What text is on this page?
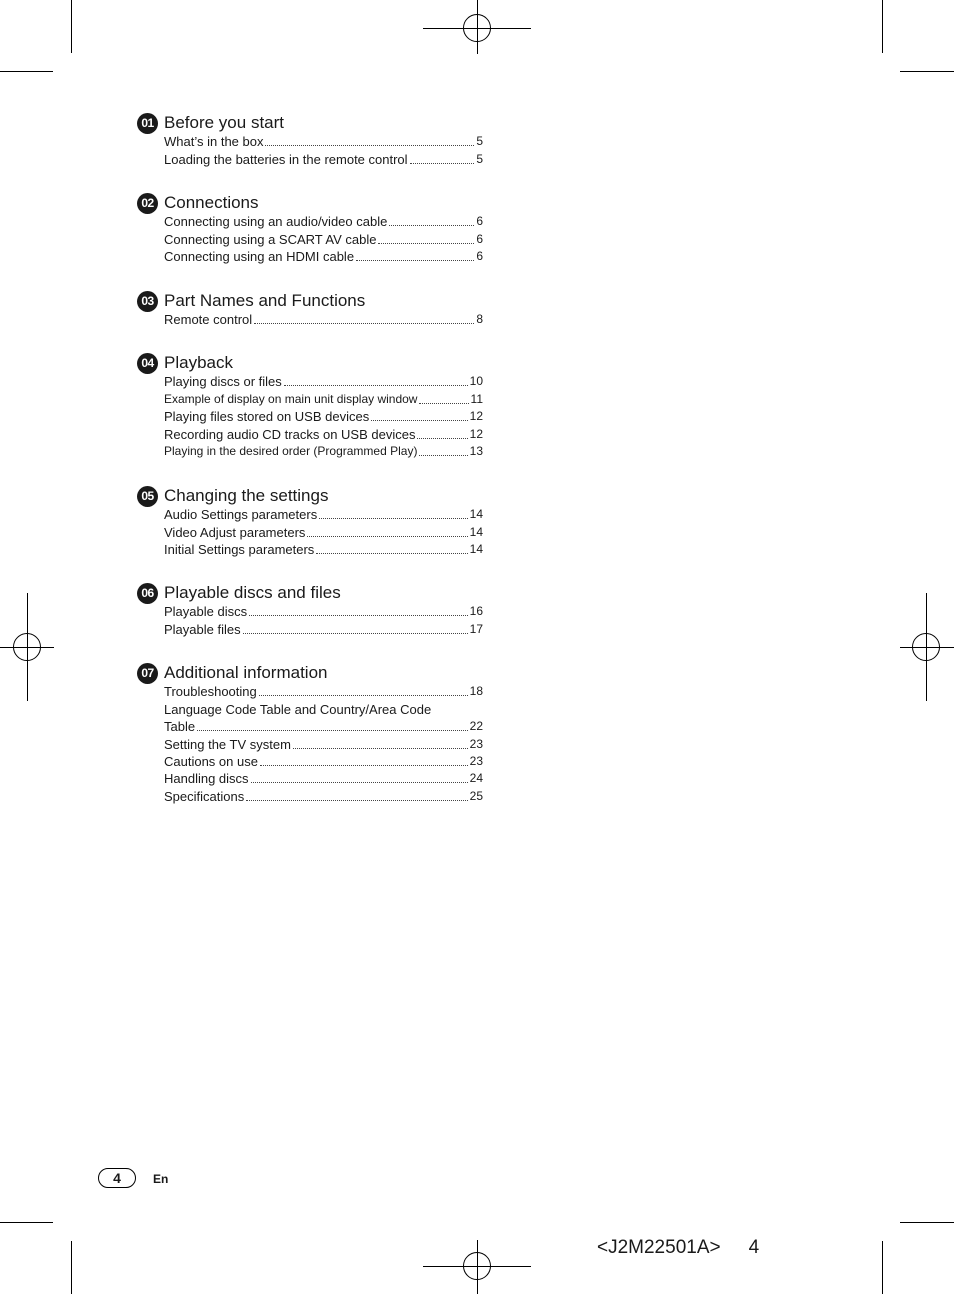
01 Before you start
What’s in the box	5
Loading the batteries in the remote control	5
02 Connections
Connecting using an audio/video cable	6
Connecting using a SCART AV cable	6
Connecting using an HDMI cable	6
03 Part Names and Functions
Remote control	8
04 Playback
Playing discs or files	10
Example of display on main unit display window	11
Playing files stored on USB devices	12
Recording audio CD tracks on USB devices	12
Playing in the desired order (Programmed Play)	13
05 Changing the settings
Audio Settings parameters	14
Video Adjust parameters	14
Initial Settings parameters	14
06 Playable discs and files
Playable discs	16
Playable files	17
07 Additional information
Troubleshooting	18
Language Code Table and Country/Area Code
Table	22
Setting the TV system	23
Cautions on use	23
Handling discs	24
Specifications	25
4	En
<J2M22501A> 4
